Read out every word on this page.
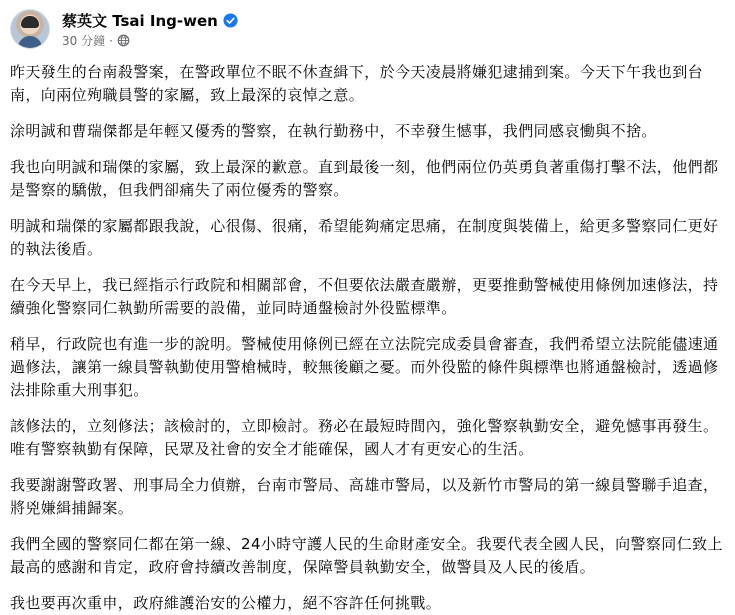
蔡英文 Tsai Ing-wen
30 分鐘 ·

昨天發生的台南殺警案，在警政單位不眠不休查緝下，於今天凌晨將嫌犯逮捕到案。今天下午我也到台南，向兩位殉職員警的家屬，致上最深的哀悼之意。

涂明誠和曹瑞傑都是年輕又優秀的警察，在執行勤務中，不幸發生憾事，我們同感哀慟與不捨。

我也向明誠和瑞傑的家屬，致上最深的歉意。直到最後一刻，他們兩位仍英勇負著重傷打擊不法，他們都是警察的驕傲，但我們卻痛失了兩位優秀的警察。

明誠和瑞傑的家屬都跟我說，心很傷、很痛，希望能夠痛定思痛，在制度與裝備上，給更多警察同仁更好的執法後盾。

在今天早上，我已經指示行政院和相關部會，不但要依法嚴查嚴辦，更要推動警械使用條例加速修法，持續強化警察同仁執勤所需要的設備，並同時通盤檢討外役監標準。

稍早，行政院也有進一步的說明。警械使用條例已經在立法院完成委員會審查，我們希望立法院能儘速通過修法，讓第一線員警執勤使用警槍械時，較無後顧之憂。而外役監的條件與標準也將通盤檢討，透過修法排除重大刑事犯。

該修法的，立刻修法；該檢討的，立即檢討。務必在最短時間內，強化警察執勤安全，避免憾事再發生。唯有警察執勤有保障，民眾及社會的安全才能確保，國人才有更安心的生活。

我要謝謝警政署、刑事局全力偵辦，台南市警局、高雄市警局，以及新竹市警局的第一線員警聯手追查，將兇嫌緝捕歸案。

我們全國的警察同仁都在第一線、24小時守護人民的生命財產安全。我要代表全國人民，向警察同仁致上最高的感謝和肯定，政府會持續改善制度，保障警員執勤安全，做警員及人民的後盾。

我也要再次重申，政府維護治安的公權力，絕不容許任何挑戰。
